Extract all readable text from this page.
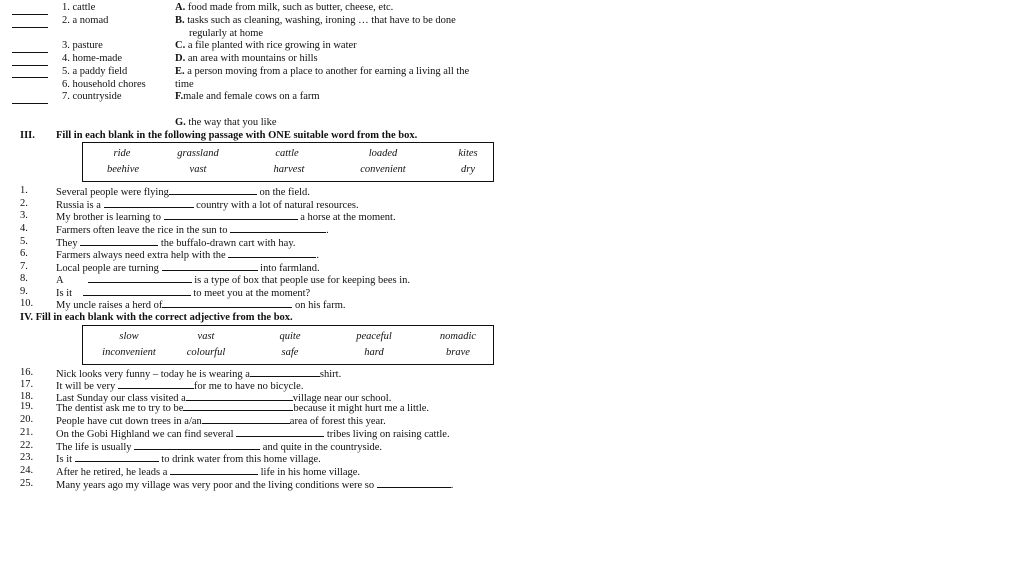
1. cattle
2. a nomad
3. pasture
4. home-made
5. a paddy field
6. household chores
7. countryside
A. food made from milk, such as butter, cheese, etc.
B. tasks such as cleaning, washing, ironing … that have to be done
regularly at home
C. a file planted with rice growing in water
D. an area with mountains or hills
E. a person moving from a place to another for earning a living all the
time
F.male and female cows on a farm
G. the way that you like
III. Fill in each blank in the following passage with ONE suitable word from the box.
ride	grassland	cattle	loaded	kites
beehive	vast	harvest	convenient	dry
1.	Several people were flying	on the field.
2.	Russia is a	country with a lot of natural resources.
3.	My brother is learning to	a horse at the moment.
4.	Farmers often leave the rice in the sun to	.
5.	They	the buffalo-drawn cart with hay.
6.	Farmers always need extra help with the	.
7.	Local people are turning	into farmland.
8.	A	is a type of box that people use for keeping bees in.
9.	Is it	to meet you at the moment?
10. My uncle raises a herd of	on his farm.
IV. Fill in each blank with the correct adjective from the box.
slow	vast	quite	peaceful	nomadic
inconvenient	colourful	safe	hard	brave
16. Nick looks very funny – today he is wearing a	shirt.
17. It will be very	for me to have no bicycle.
18. Last Sunday our class visited a	village near our school.
19. The dentist ask me to try to be	because it might hurt me a little.
20. People have cut down trees in a/an	area of forest this year.
21. On the Gobi Highland we can find several	tribes living on raising cattle.
22. The life is usually	and quite in the countryside.
23. Is it	to drink water from this home village.
24. After he retired, he leads a	life in his home village.
25. Many years ago my village was very poor and the living conditions were so	.
